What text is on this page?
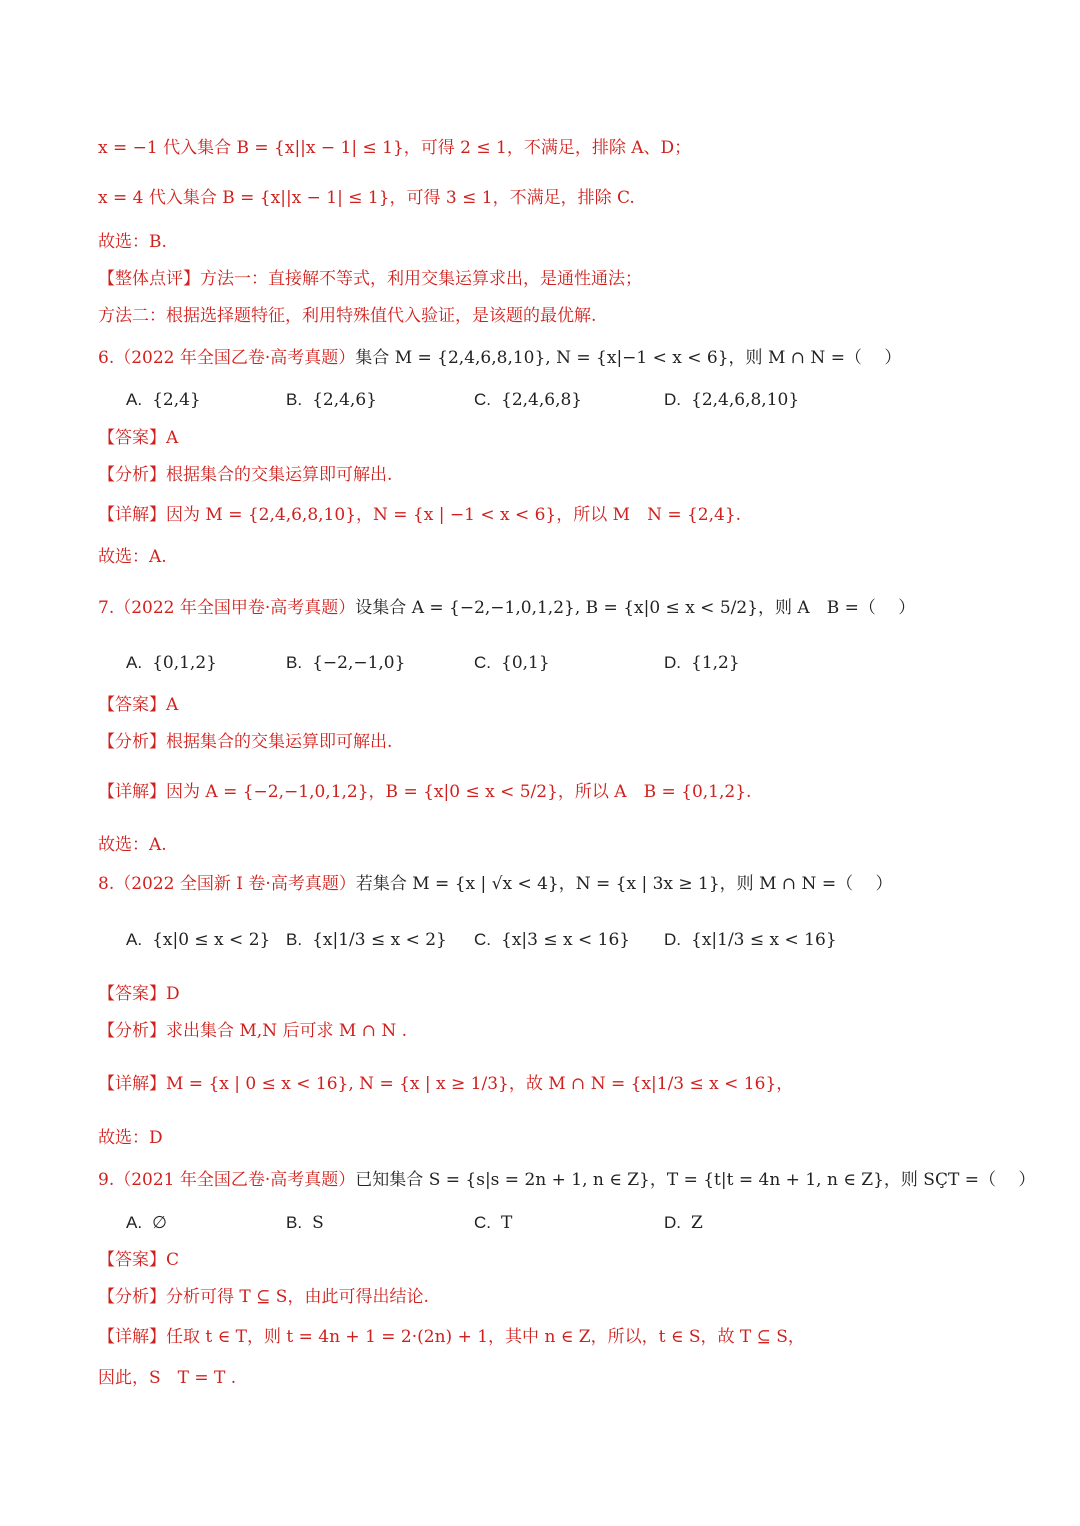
x = −1 代入集合 B = {x||x − 1| ≤ 1}，可得 2 ≤ 1，不满足，排除 A、D；
x = 4 代入集合 B = {x||x − 1| ≤ 1}，可得 3 ≤ 1，不满足，排除 C.
故选：B.
【整体点评】方法一：直接解不等式，利用交集运算求出，是通性通法；
方法二：根据选择题特征，利用特殊值代入验证，是该题的最优解.
6.（2022 年全国乙卷·高考真题）集合 M = {2,4,6,8,10}, N = {x|−1 < x < 6}，则 M ∩ N =（　 ）
A. {2,4}	B. {2,4,6}	C. {2,4,6,8}	D. {2,4,6,8,10}
【答案】A
【分析】根据集合的交集运算即可解出.
【详解】因为 M = {2,4,6,8,10}，N = {x | −1 < x < 6}，所以 M　N = {2,4}.
故选：A.
7.（2022 年全国甲卷·高考真题）设集合 A = {−2,−1,0,1,2}, B = {x|0 ≤ x < 5/2}，则 A　B =（　 ）
A. {0,1,2}	B. {−2,−1,0}	C. {0,1}	D. {1,2}
【答案】A
【分析】根据集合的交集运算即可解出.
【详解】因为 A = {−2,−1,0,1,2}，B = {x|0 ≤ x < 5/2}，所以 A　B = {0,1,2}.
故选：A.
8.（2022 全国新 I 卷·高考真题）若集合 M = {x | √x < 4}，N = {x | 3x ≥ 1}，则 M ∩ N =（　 ）
A. {x|0 ≤ x < 2} B. {x|1/3 ≤ x < 2} C. {x|3 ≤ x < 16} D. {x|1/3 ≤ x < 16}
【答案】D
【分析】求出集合 M,N 后可求 M ∩ N .
【详解】M = {x | 0 ≤ x < 16}, N = {x | x ≥ 1/3}，故 M ∩ N = {x|1/3 ≤ x < 16}，
故选：D
9.（2021 年全国乙卷·高考真题）已知集合 S = {s|s = 2n + 1, n ∈ Z}，T = {t|t = 4n + 1, n ∈ Z}，则 SÇT =（　 ）
A. ∅	B. S	C. T	D. Z
【答案】C
【分析】分析可得 T ⊆ S，由此可得出结论.
【详解】任取 t ∈ T，则 t = 4n + 1 = 2·(2n) + 1，其中 n ∈ Z，所以，t ∈ S，故 T ⊆ S，
因此，S　T = T .
